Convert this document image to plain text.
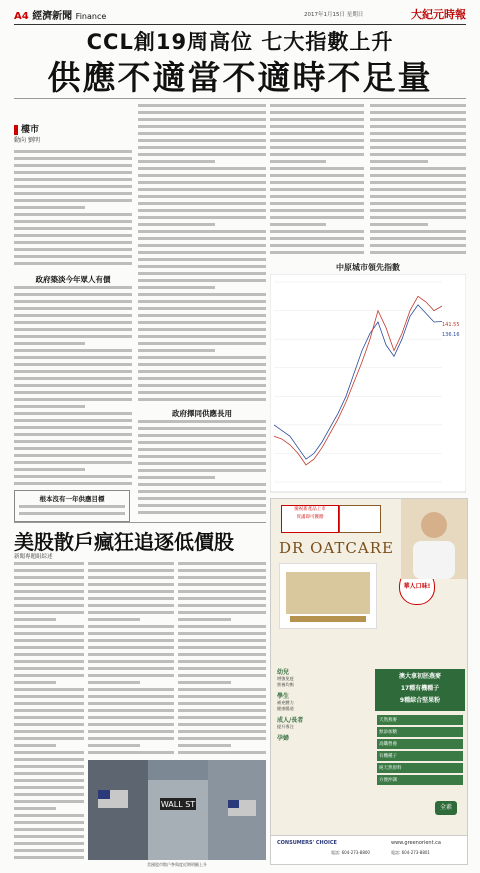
A4 經濟新聞 Finance	2017年1月15日 星期日	大紀元時報
CCL創19周高位 七大指數上升
供應不適當不適時不足量
樓市
動向 劉明
政府築淡今年眾人有價
根本沒有一年供應目標
政府擇同供應長用
中原城市領先指數
136.16
141.55
美股散戶瘋狂追逐低價股
新聞專題組綜述
WALL ST
美國股市散戶參與度近期明顯上升
慶祝新產品上市
買滿即可獲贈
DR OATCARE
華人口味!
澳大拿初胚燕麥
17種有機種子
9種綜合堅果粉
幼兒
增強免疫
營養均衡
學生
補充體力
健康腸道
成人/長者
提升專注
孕婦
天然燕麥
無添加糖
高纖營養
有機種子
純天然原料
方便沖調
全素
CONSUMERS' CHOICE	www.greenorient.ca
電話: 604-273-8800	電話: 604-273-8801
